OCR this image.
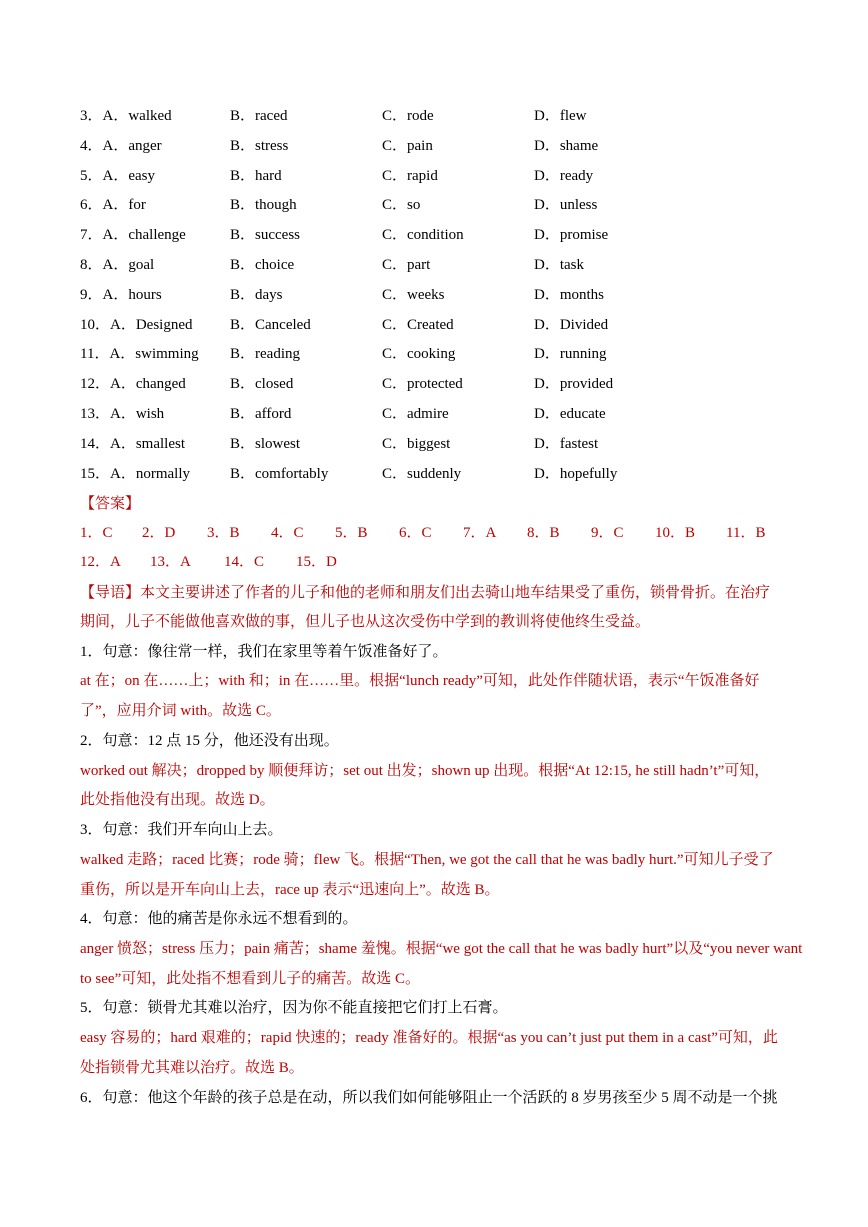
3．A．walked	B．raced	C．rode	D．flew
4．A．anger	B．stress	C．pain	D．shame
5．A．easy	B．hard	C．rapid	D．ready
6．A．for	B．though	C．so	D．unless
7．A．challenge	B．success	C．condition	D．promise
8．A．goal	B．choice	C．part	D．task
9．A．hours	B．days	C．weeks	D．months
10．A．Designed	B．Canceled	C．Created	D．Divided
11．A．swimming B．reading	C．cooking	D．running
12．A．changed	B．closed	C．protected	D．provided
13．A．wish	B．afford	C．admire	D．educate
14．A．smallest	B．slowest	C．biggest	D．fastest
15．A．normally	B．comfortably	C．suddenly	D．hopefully
【答案】
1．C 2．D 3．B 4．C 5．B 6．C 7．A 8．B 9．C 10．B 11．B
12．A 13．A 14．C 15．D
【导语】本文主要讲述了作者的儿子和他的老师和朋友们出去骑山地车结果受了重伤，锁骨骨折。在治疗
期间，儿子不能做他喜欢做的事，但儿子也从这次受伤中学到的教训将使他终生受益。
1．句意：像往常一样，我们在家里等着午饭准备好了。
at 在；on 在……上；with 和；in 在……里。根据“lunch ready”可知，此处作伴随状语，表示“午饭准备好
了”，应用介词 with。故选 C。
2．句意：12 点 15 分，他还没有出现。
worked out 解决；dropped by 顺便拜访；set out 出发；shown up 出现。根据“At 12:15, he still hadn’t”可知，
此处指他没有出现。故选 D。
3．句意：我们开车向山上去。
walked 走路；raced 比赛；rode 骑；flew 飞。根据“Then, we got the call that he was badly hurt.”可知儿子受了
重伤，所以是开车向山上去，race up 表示“迅速向上”。故选 B。
4．句意：他的痛苦是你永远不想看到的。
anger 愤怒；stress 压力；pain 痛苦；shame 羞愧。根据“we got the call that he was badly hurt”以及“you never want
to see”可知，此处指不想看到儿子的痛苦。故选 C。
5．句意：锁骨尤其难以治疗，因为你不能直接把它们打上石膏。
easy 容易的；hard 艰难的；rapid 快速的；ready 准备好的。根据“as you can’t just put them in a cast”可知，此
处指锁骨尤其难以治疗。故选 B。
6．句意：他这个年龄的孩子总是在动，所以我们如何能够阻止一个活跃的 8 岁男孩至少 5 周不动是一个挑
